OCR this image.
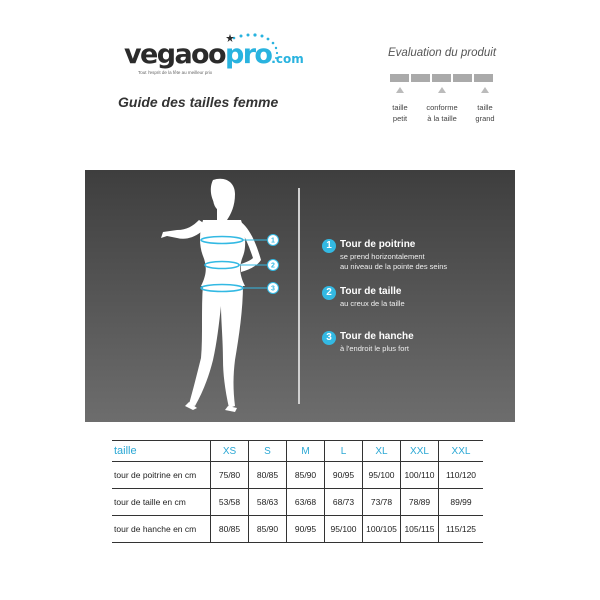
vegaoopro.com
Tout l'esprit de la fête au meilleur prix
Guide des tailles femme
Evaluation du produit
taille
petit
conforme
à la taille
taille
grand
1
2
3
1 Tour de poitrine
se prend horizontalement
au niveau de la pointe des seins
2 Tour de taille
au creux de la taille
3 Tour de hanche
à l'endroit le plus fort
taille	XS	S	M	L	XL	XXL	XXL
tour de poitrine en cm	75/80	80/85	85/90	90/95	95/100	100/110	110/120
tour de taille en cm	53/58	58/63	63/68	68/73	73/78	78/89	89/99
tour de hanche en cm	80/85	85/90	90/95	95/100	100/105	105/115	115/125
